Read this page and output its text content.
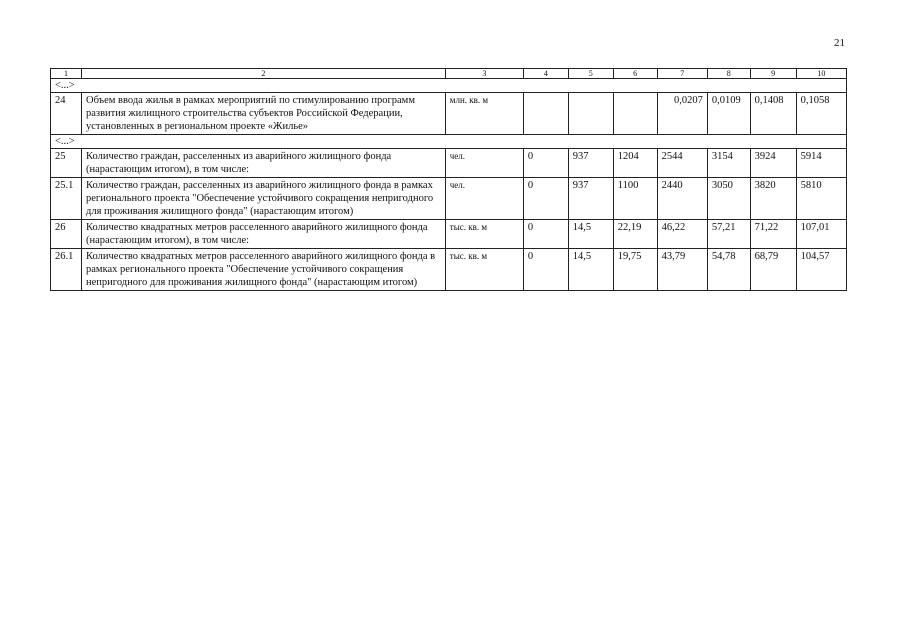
21
1	2	3	4	5	6	7	8	9	10
<...>									
24	Объем ввода жилья в рамках мероприятий по стимулированию программ развития жилищного строительства субъектов Российской Федерации, установленных в региональном проекте «Жилье»	млн. кв. м				0,0207	0,0109	0,1408	0,1058
<...>									
25	Количество граждан, расселенных из аварийного жилищного фонда (нарастающим итогом), в том числе:	чел.	0	937	1204	2544	3154	3924	5914
25.1	Количество граждан, расселенных из аварийного жилищного фонда в рамках регионального проекта "Обеспечение устойчивого сокращения непригодного для проживания жилищного фонда" (нарастающим итогом)	чел.	0	937	1100	2440	3050	3820	5810
26	Количество квадратных метров расселенного аварийного жилищного фонда (нарастающим итогом), в том числе:	тыс. кв. м	0	14,5	22,19	46,22	57,21	71,22	107,01
26.1	Количество квадратных метров расселенного аварийного жилищного фонда в рамках регионального проекта "Обеспечение устойчивого сокращения непригодного для проживания жилищного фонда" (нарастающим итогом)	тыс. кв. м	0	14,5	19,75	43,79	54,78	68,79	104,57
